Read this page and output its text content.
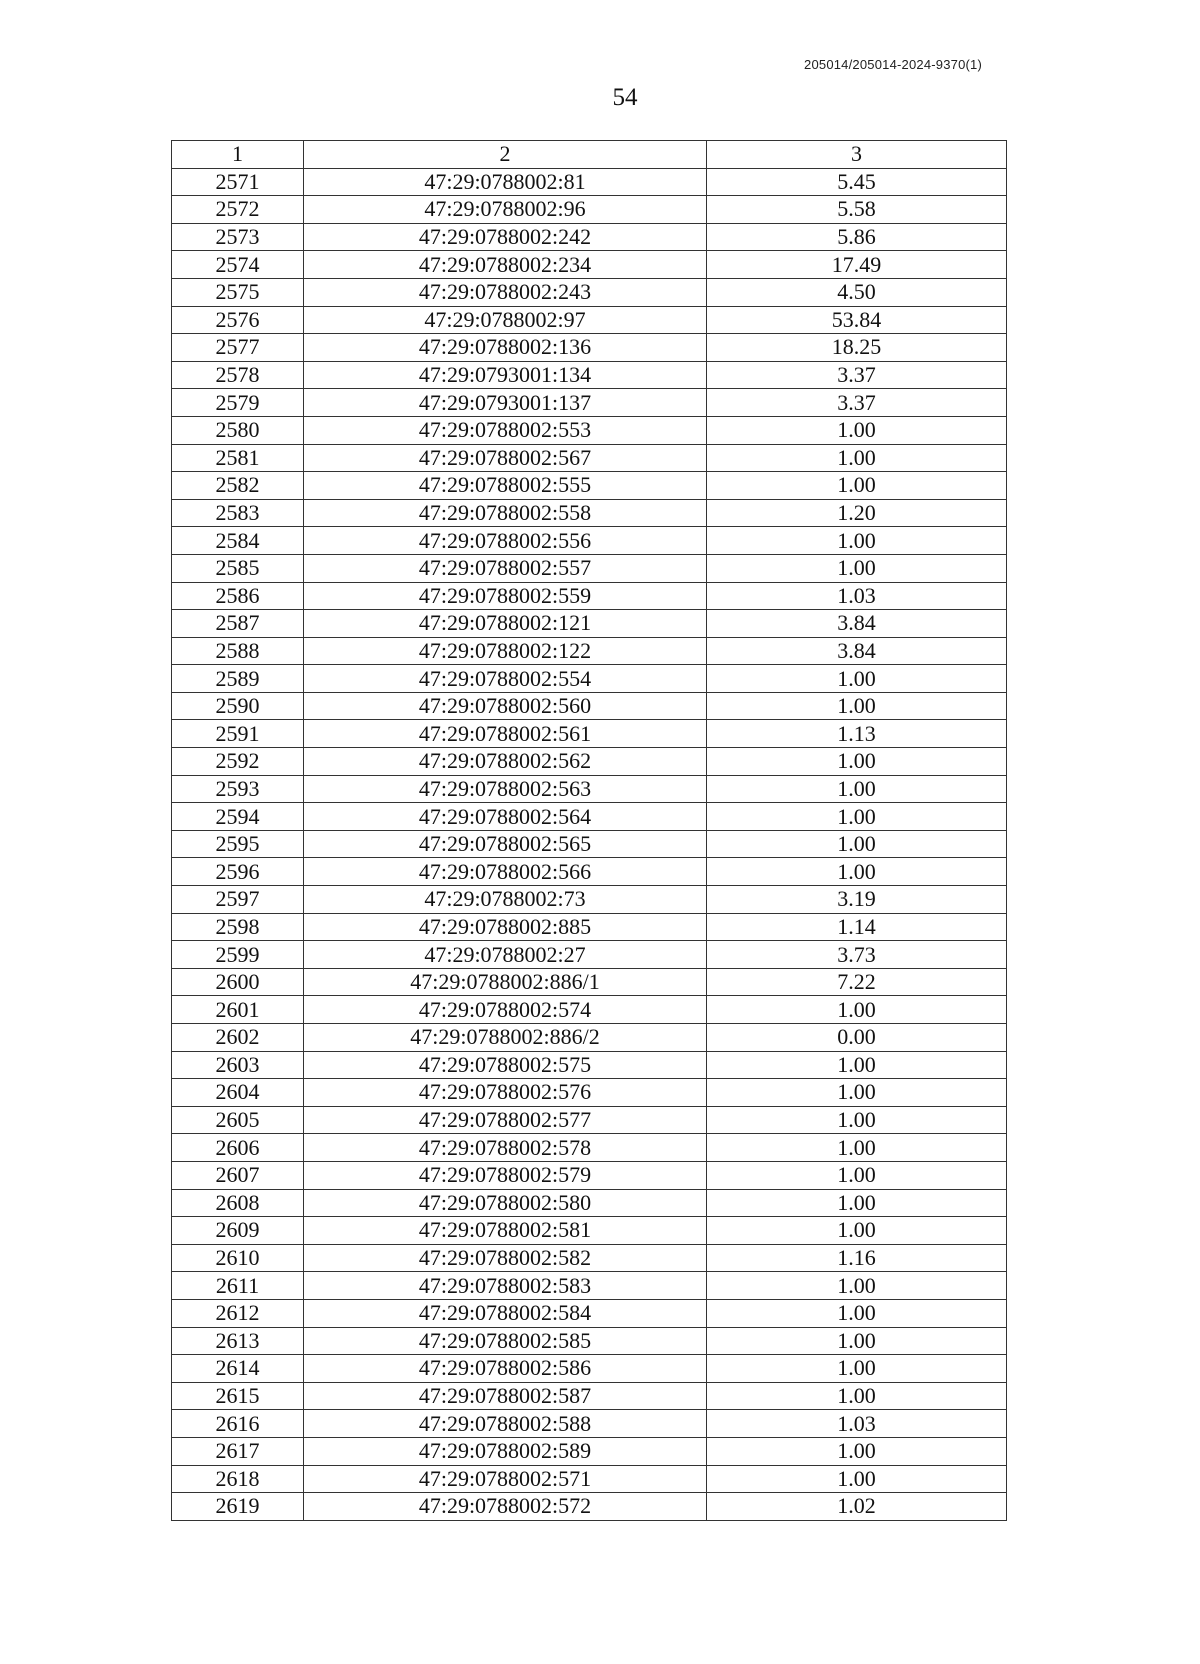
205014/205014-2024-9370(1)
54
1	2	3
2571	47:29:0788002:81	5.45
2572	47:29:0788002:96	5.58
2573	47:29:0788002:242	5.86
2574	47:29:0788002:234	17.49
2575	47:29:0788002:243	4.50
2576	47:29:0788002:97	53.84
2577	47:29:0788002:136	18.25
2578	47:29:0793001:134	3.37
2579	47:29:0793001:137	3.37
2580	47:29:0788002:553	1.00
2581	47:29:0788002:567	1.00
2582	47:29:0788002:555	1.00
2583	47:29:0788002:558	1.20
2584	47:29:0788002:556	1.00
2585	47:29:0788002:557	1.00
2586	47:29:0788002:559	1.03
2587	47:29:0788002:121	3.84
2588	47:29:0788002:122	3.84
2589	47:29:0788002:554	1.00
2590	47:29:0788002:560	1.00
2591	47:29:0788002:561	1.13
2592	47:29:0788002:562	1.00
2593	47:29:0788002:563	1.00
2594	47:29:0788002:564	1.00
2595	47:29:0788002:565	1.00
2596	47:29:0788002:566	1.00
2597	47:29:0788002:73	3.19
2598	47:29:0788002:885	1.14
2599	47:29:0788002:27	3.73
2600	47:29:0788002:886/1	7.22
2601	47:29:0788002:574	1.00
2602	47:29:0788002:886/2	0.00
2603	47:29:0788002:575	1.00
2604	47:29:0788002:576	1.00
2605	47:29:0788002:577	1.00
2606	47:29:0788002:578	1.00
2607	47:29:0788002:579	1.00
2608	47:29:0788002:580	1.00
2609	47:29:0788002:581	1.00
2610	47:29:0788002:582	1.16
2611	47:29:0788002:583	1.00
2612	47:29:0788002:584	1.00
2613	47:29:0788002:585	1.00
2614	47:29:0788002:586	1.00
2615	47:29:0788002:587	1.00
2616	47:29:0788002:588	1.03
2617	47:29:0788002:589	1.00
2618	47:29:0788002:571	1.00
2619	47:29:0788002:572	1.02
